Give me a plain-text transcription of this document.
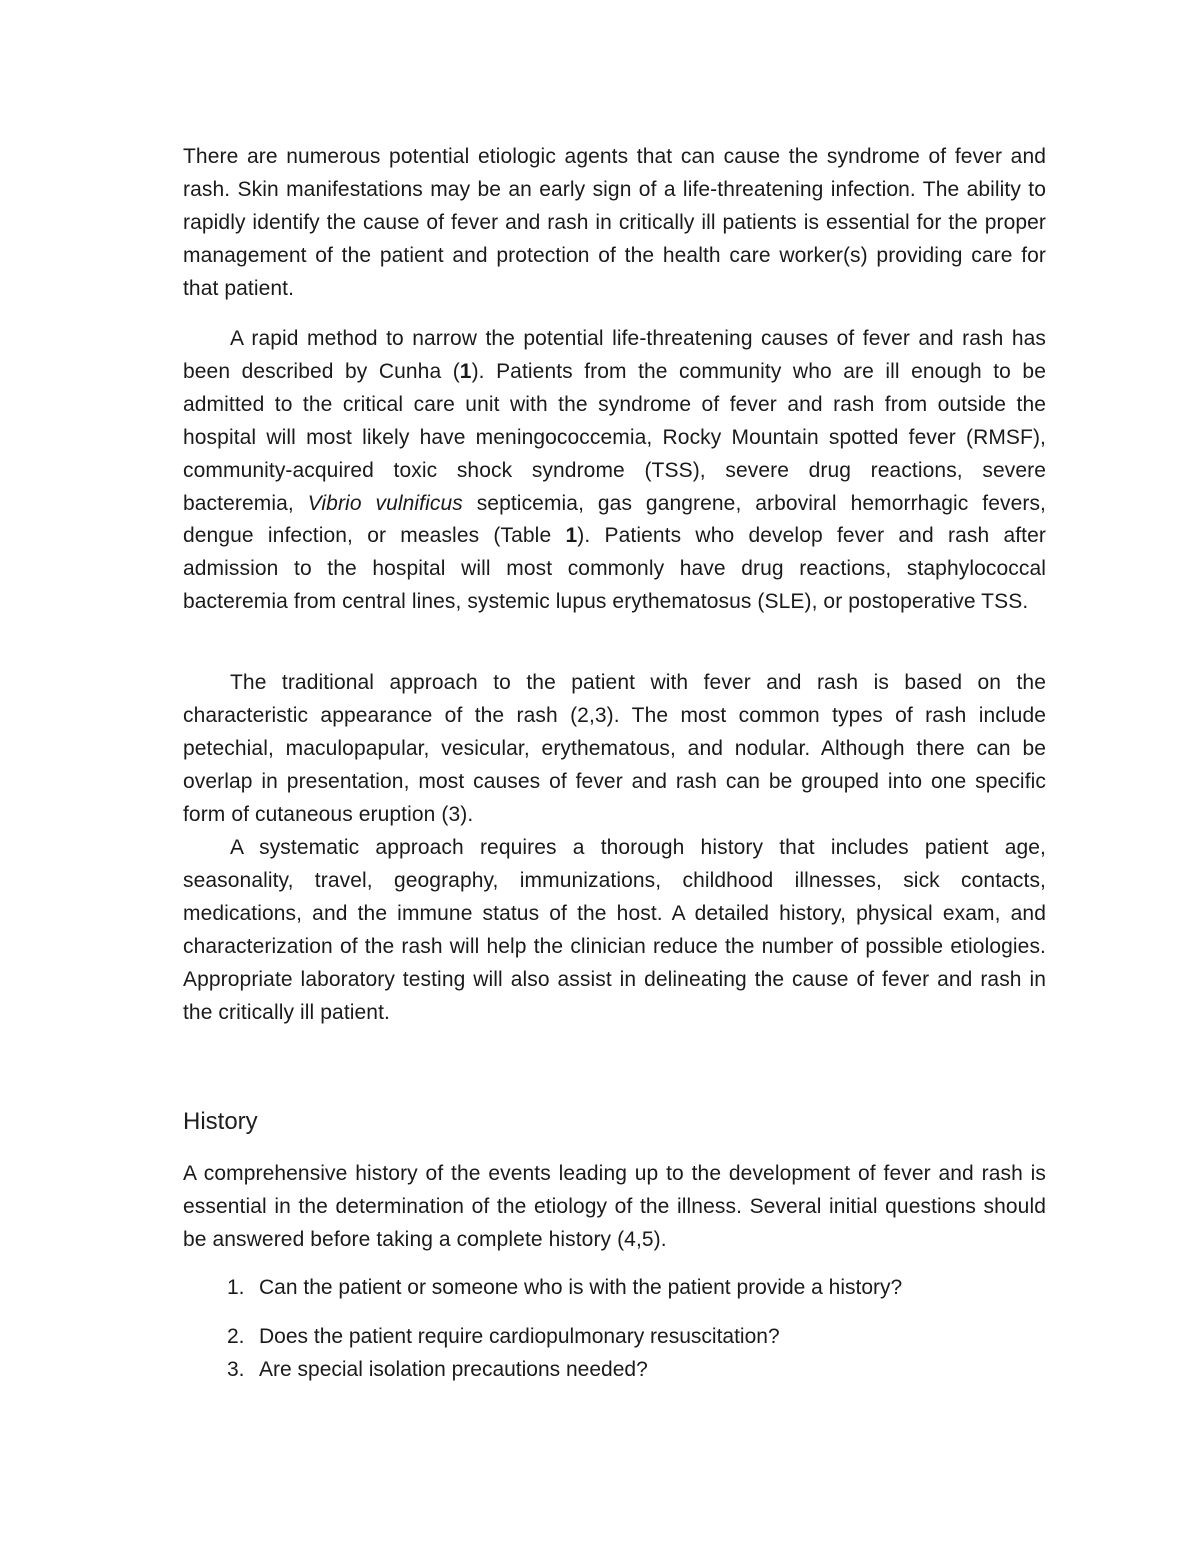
There are numerous potential etiologic agents that can cause the syndrome of fever and rash. Skin manifestations may be an early sign of a life-threatening infection. The ability to rapidly identify the cause of fever and rash in critically ill patients is essential for the proper management of the patient and protection of the health care worker(s) providing care for that patient.

A rapid method to narrow the potential life-threatening causes of fever and rash has been described by Cunha (1). Patients from the community who are ill enough to be admitted to the critical care unit with the syndrome of fever and rash from outside the hospital will most likely have meningococcemia, Rocky Mountain spotted fever (RMSF), community-acquired toxic shock syndrome (TSS), severe drug reactions, severe bacteremia, Vibrio vulnificus septicemia, gas gangrene, arboviral hemorrhagic fevers, dengue infection, or measles (Table 1). Patients who develop fever and rash after admission to the hospital will most commonly have drug reactions, staphylococcal bacteremia from central lines, systemic lupus erythematosus (SLE), or postoperative TSS.

The traditional approach to the patient with fever and rash is based on the characteristic appearance of the rash (2,3). The most common types of rash include petechial, maculopapular, vesicular, erythematous, and nodular. Although there can be overlap in presentation, most causes of fever and rash can be grouped into one specific form of cutaneous eruption (3).

A systematic approach requires a thorough history that includes patient age, seasonality, travel, geography, immunizations, childhood illnesses, sick contacts, medications, and the immune status of the host. A detailed history, physical exam, and characterization of the rash will help the clinician reduce the number of possible etiologies. Appropriate laboratory testing will also assist in delineating the cause of fever and rash in the critically ill patient.

History

A comprehensive history of the events leading up to the development of fever and rash is essential in the determination of the etiology of the illness. Several initial questions should be answered before taking a complete history (4,5).

1. Can the patient or someone who is with the patient provide a history?

2. Does the patient require cardiopulmonary resuscitation?

3. Are special isolation precautions needed?
